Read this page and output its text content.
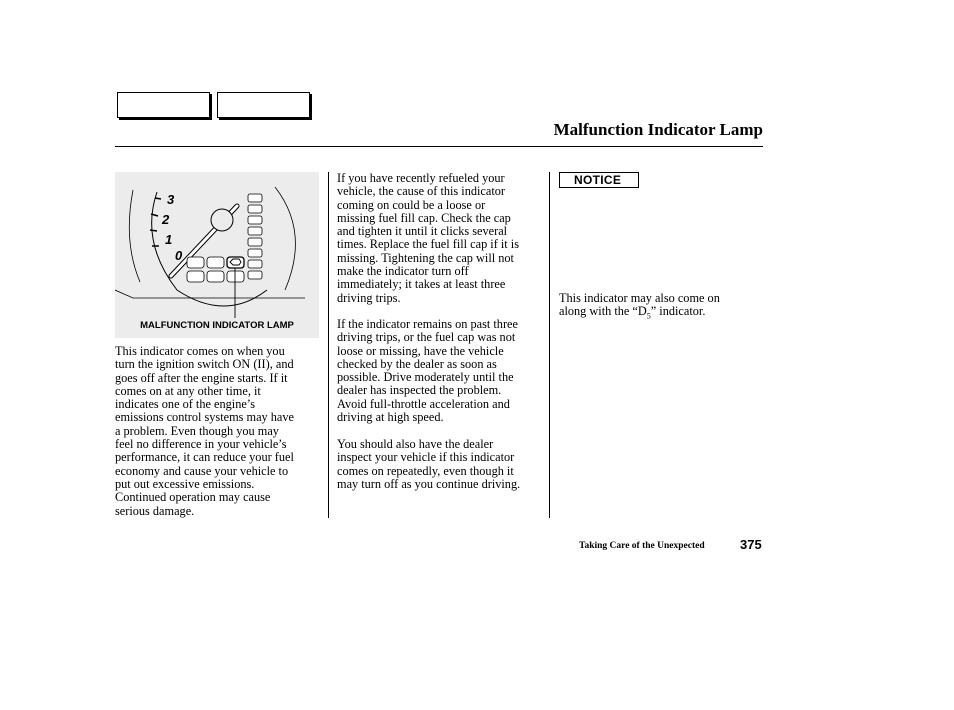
Malfunction Indicator Lamp
3
2
1
0
MALFUNCTION INDICATOR LAMP
This indicator comes on when you
turn the ignition switch ON (II), and
goes off after the engine starts. If it
comes on at any other time, it
indicates one of the engine’s
emissions control systems may have
a problem. Even though you may
feel no difference in your vehicle’s
performance, it can reduce your fuel
economy and cause your vehicle to
put out excessive emissions.
Continued operation may cause
serious damage.
If you have recently refueled your
vehicle, the cause of this indicator
coming on could be a loose or
missing fuel fill cap. Check the cap
and tighten it until it clicks several
times. Replace the fuel fill cap if it is
missing. Tightening the cap will not
make the indicator turn off
immediately; it takes at least three
driving trips.
If the indicator remains on past three
driving trips, or the fuel cap was not
loose or missing, have the vehicle
checked by the dealer as soon as
possible. Drive moderately until the
dealer has inspected the problem.
Avoid full-throttle acceleration and
driving at high speed.
You should also have the dealer
inspect your vehicle if this indicator
comes on repeatedly, even though it
may turn off as you continue driving.
NOTICE
This indicator may also come on
along with the “$D_5$” indicator.
Taking Care of the Unexpected	375
